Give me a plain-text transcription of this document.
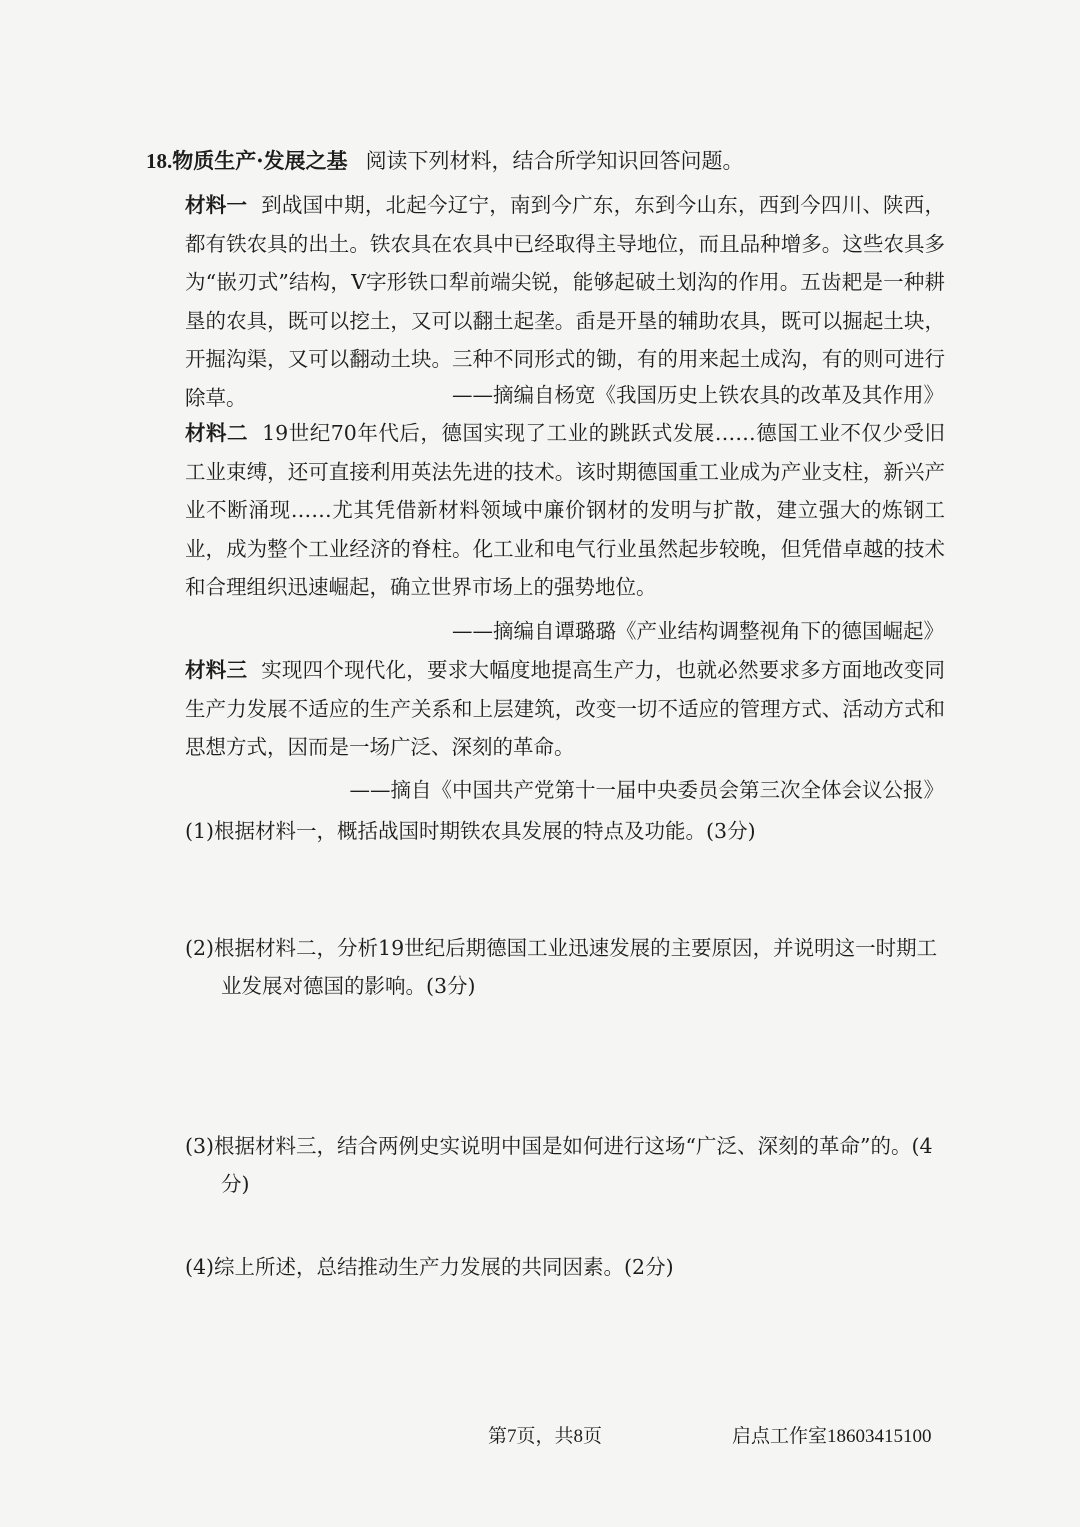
18.物质生产·发展之基 阅读下列材料，结合所学知识回答问题。
材料一 到战国中期，北起今辽宁，南到今广东，东到今山东，西到今四川、陕西，都有铁农具的出土。铁农具在农具中已经取得主导地位，而且品种增多。这些农具多为“嵌刃式”结构，V字形铁口犁前端尖锐，能够起破土划沟的作用。五齿耙是一种耕垦的农具，既可以挖土，又可以翻土起垄。臿是开垦的辅助农具，既可以掘起土块，开掘沟渠，又可以翻动土块。三种不同形式的锄，有的用来起土成沟，有的则可进行除草。	——摘编自杨宽《我国历史上铁农具的改革及其作用》
材料二 19世纪70年代后，德国实现了工业的跳跃式发展……德国工业不仅少受旧工业束缚，还可直接利用英法先进的技术。该时期德国重工业成为产业支柱，新兴产业不断涌现……尤其凭借新材料领域中廉价钢材的发明与扩散，建立强大的炼钢工业，成为整个工业经济的脊柱。化工业和电气行业虽然起步较晚，但凭借卓越的技术和合理组织迅速崛起，确立世界市场上的强势地位。
——摘编自谭璐璐《产业结构调整视角下的德国崛起》
材料三 实现四个现代化，要求大幅度地提高生产力，也就必然要求多方面地改变同生产力发展不适应的生产关系和上层建筑，改变一切不适应的管理方式、活动方式和思想方式，因而是一场广泛、深刻的革命。
——摘自《中国共产党第十一届中央委员会第三次全体会议公报》
(1)根据材料一，概括战国时期铁农具发展的特点及功能。(3分)
(2)根据材料二，分析19世纪后期德国工业迅速发展的主要原因，并说明这一时期工业发展对德国的影响。(3分)
(3)根据材料三，结合两例史实说明中国是如何进行这场“广泛、深刻的革命”的。(4分)
(4)综上所述，总结推动生产力发展的共同因素。(2分)
第7页，共8页	启点工作室18603415100
